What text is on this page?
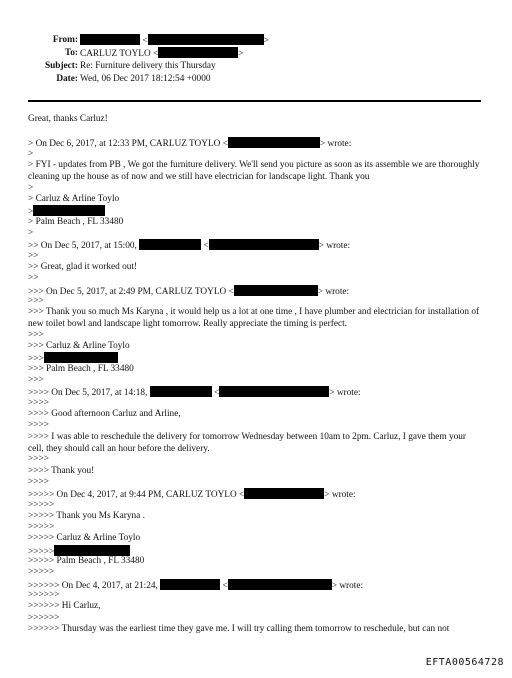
From:	<	>
To: CARLUZ TOYLO <	>
Subject: Re: Furniture delivery this Thursday
Date: Wed, 06 Dec 2017 18:12:54 +0000
Great, thanks Carluz!
> On Dec 6, 2017, at 12:33 PM, CARLUZ TOYLO <	> wrote:
>
> FYI - updates from PB , We got the furniture delivery. We'll send you picture as soon as its assemble we are thoroughly cleaning up the house as of now and we still have electrician for landscape light. Thank you
>
> Carluz & Arline Toylo
>
> Palm Beach , FL 33480
>
>> On Dec 5, 2017, at 15:00,	<	> wrote:
>>
>> Great, glad it worked out!
>>
>>> On Dec 5, 2017, at 2:49 PM, CARLUZ TOYLO <	> wrote:
>>>
>>> Thank you so much Ms Karyna , it would help us a lot at one time , I have plumber and electrician for installation of new toilet bowl and landscape light tomorrow. Really appreciate the timing is perfect.
>>>
>>> Carluz & Arline Toylo
>>>
>>> Palm Beach , FL 33480
>>>
>>>> On Dec 5, 2017, at 14:18,	<	> wrote:
>>>>
>>>> Good afternoon Carluz and Arline,
>>>>
>>>> I was able to reschedule the delivery for tomorrow Wednesday between 10am to 2pm. Carluz, I gave them your cell, they should call an hour before the delivery.
>>>>
>>>> Thank you!
>>>>
>>>>> On Dec 4, 2017, at 9:44 PM, CARLUZ TOYLO <	> wrote:
>>>>>
>>>>> Thank you Ms Karyna .
>>>>>
>>>>> Carluz & Arline Toylo
>>>>>
>>>>> Palm Beach , FL 33480
>>>>>
>>>>>> On Dec 4, 2017, at 21:24,	<	> wrote:
>>>>>>
>>>>>> Hi Carluz,
>>>>>>
>>>>>> Thursday was the earliest time they gave me. I will try calling them tomorrow to reschedule, but can not
EFTA00564728
